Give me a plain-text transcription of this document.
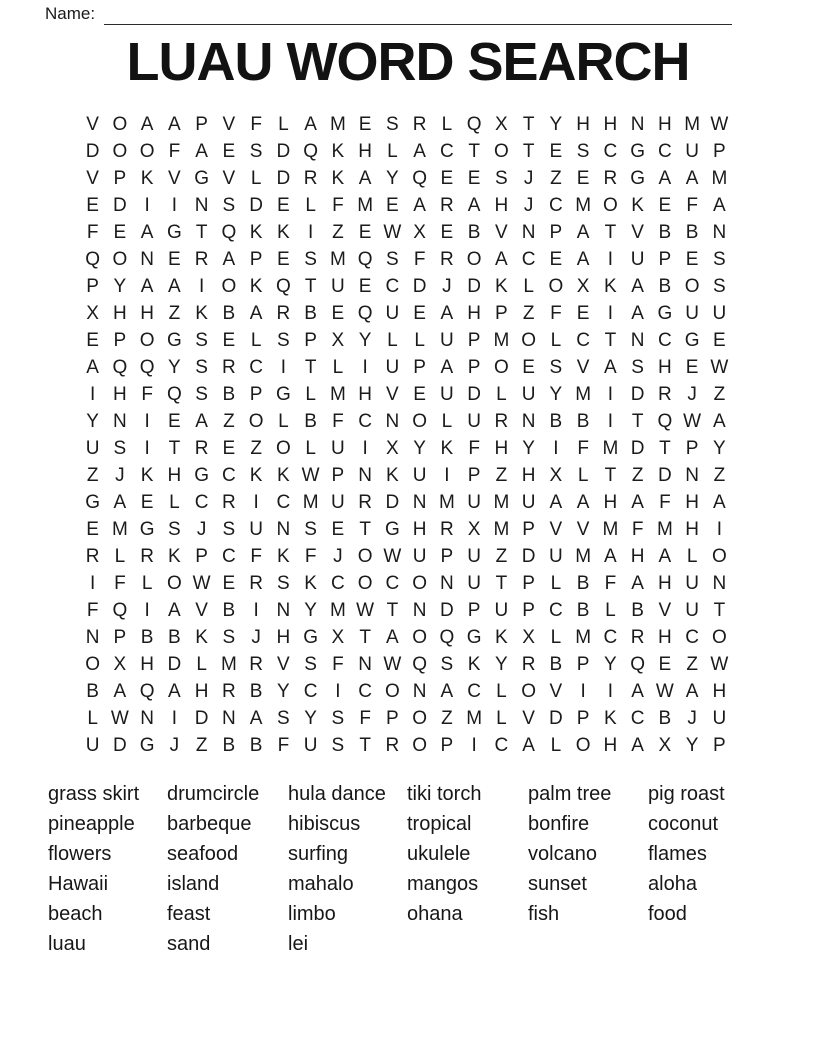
Name:
LUAU WORD SEARCH
V O A A P V F L A M E S R L Q X T Y H H N H M W
D O O F A E S D Q K H L A C T O T E S C G C U P
V P K V G V L D R K A Y Q E E S J Z E R G A A M
E D I	I N S D E L F M E A R A H J C M O K E F A
F E A G T Q K K I Z E W X E B V N P A T V B B N
Q O N E R A P E S M Q S F R O A C E A I U P E S
P Y A A I O K Q T U E C D J D K L O X K A B O S
X H H Z K B A R B E Q U E A H P Z F E I A G U U
E P O G S E L S P X Y L L U P M O L C T N C G E
A Q Q Y S R C I T L	I U P A P O E S V A S H E W
I H F Q S B P G L M H V E U D L U Y M I D R J Z
Y N I E A Z O L B F C N O L U R N B B I T Q W A
U S I T R E Z O L U I X Y K F H Y I F M D T P Y
Z J K H G C K K W P N K U I P Z H X L T Z D N Z
G A E L C R I C M U R D N M U M U A A H A F H A
E M G S J S U N S E T G H R X M P V V M F M H I
R L R K P C F K F J O W U P U Z D U M A H A L O
I F L O W E R S K C O C O N U T P L B F A H U N
F Q I A V B I N Y M W T N D P U P C B L B V U T
N P B B K S J H G X T A O Q G K X L M C R H C O
O X H D L M R V S F N W Q S K Y R B P Y Q E Z W
B A Q A H R B Y C I C O N A C L O V I	I A W A H
L W N I D N A S Y S F P O Z M L V D P K C B J U
U D G J Z B B F U S T R O P I C A L O H A X Y P
grass skirt
pineapple
flowers
Hawaii
beach
luau
drumcircle
barbeque
seafood
island
feast
sand
hula dance
hibiscus
surfing
mahalo
limbo
lei
tiki torch
tropical
ukulele
mangos
ohana
palm tree
bonfire
volcano
sunset
fish
pig roast
coconut
flames
aloha
food
